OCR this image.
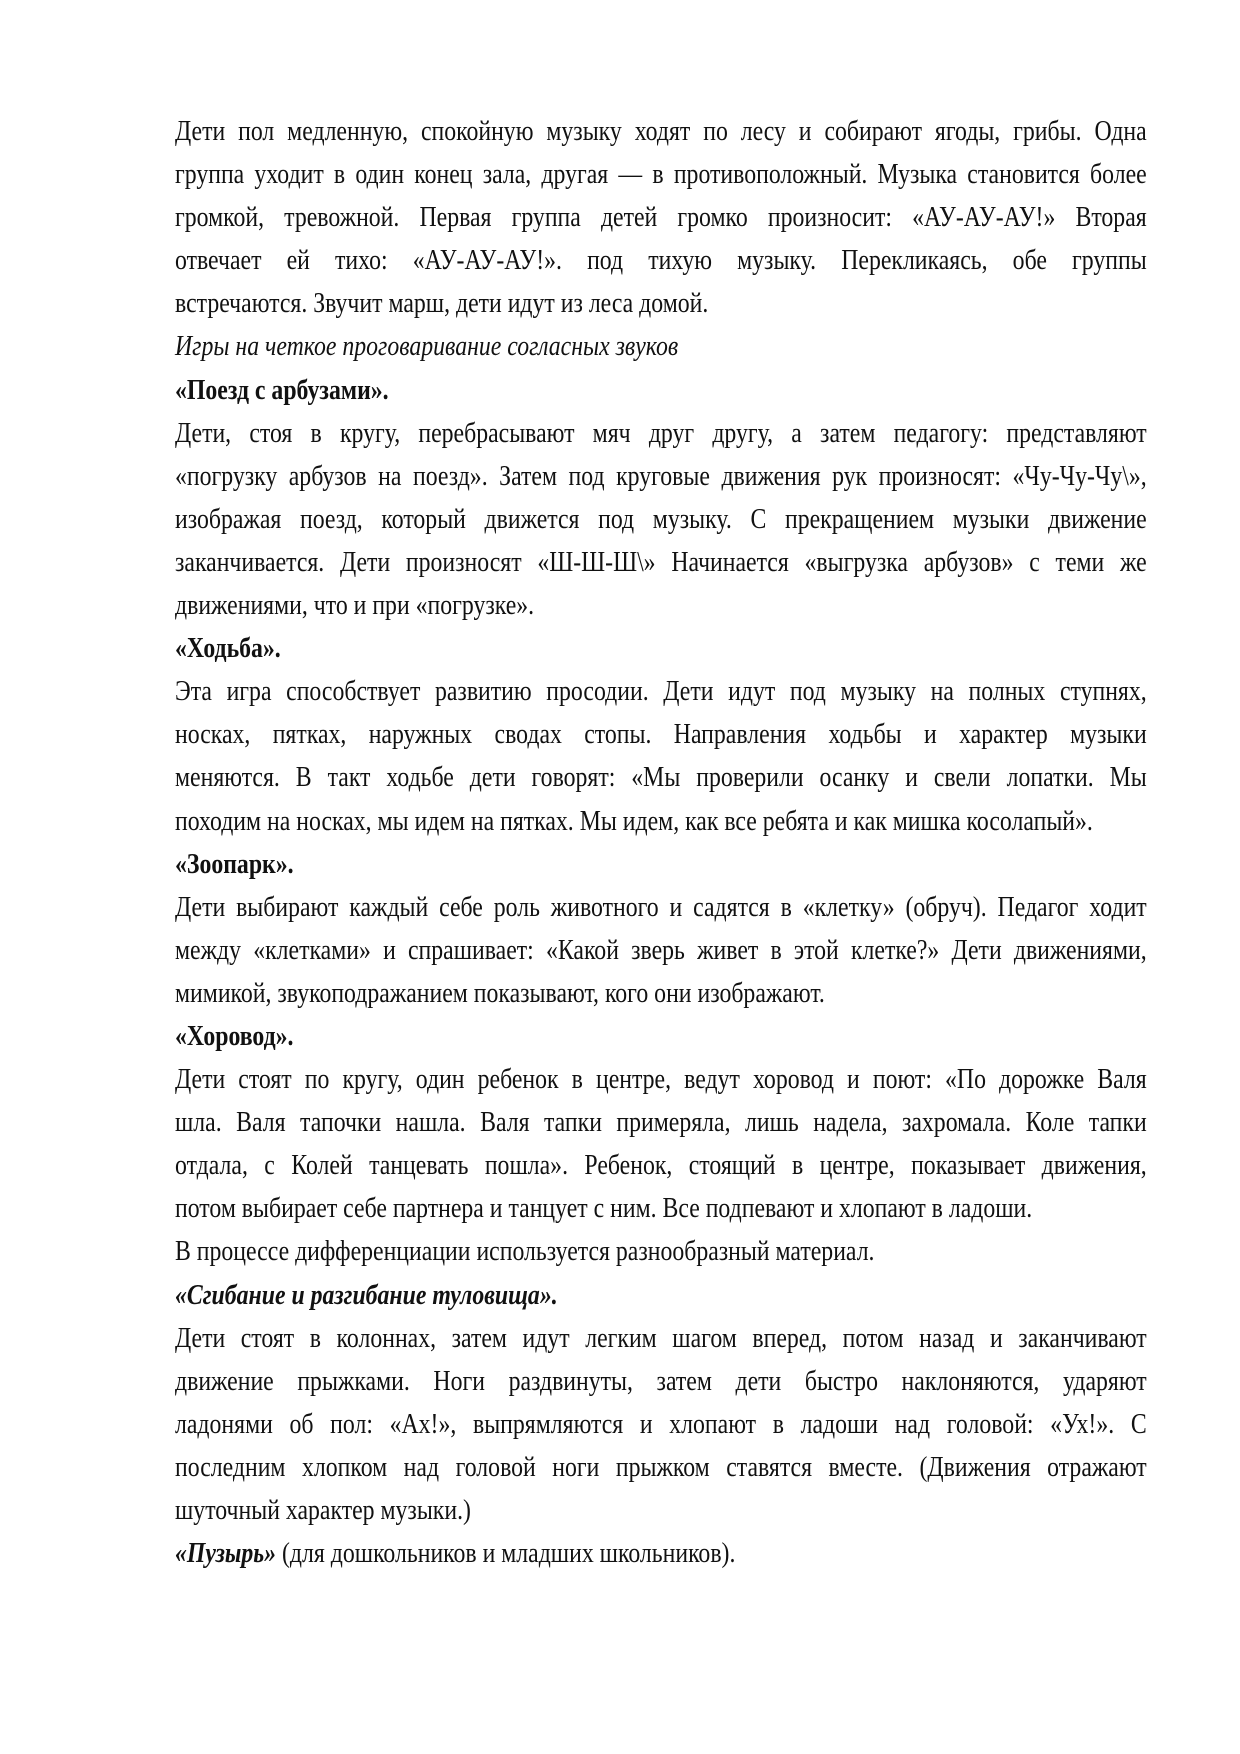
Дети пол медленную, спокойную музыку ходят по лесу и собирают ягоды, грибы. Одна
группа уходит в один конец зала, другая — в противоположный. Музыка становится более
громкой, тревожной. Первая группа детей громко произносит: «АУ-АУ-АУ!» Вторая
отвечает ей тихо: «АУ-АУ-АУ!». под тихую музыку. Перекликаясь, обе группы
встречаются. Звучит марш, дети идут из леса домой.
Игры на четкое проговаривание согласных звуков
«Поезд с арбузами».
Дети, стоя в кругу, перебрасывают мяч друг другу, а затем педагогу: представляют
«погрузку арбузов на поезд». Затем под круговые движения рук произносят: «Чу-Чу-Чу\»,
изображая поезд, который движется под музыку. С прекращением музыки движение
заканчивается. Дети произносят «Ш-Ш-Ш\» Начинается «выгрузка арбузов» с теми же
движениями, что и при «погрузке».
«Ходьба».
Эта игра способствует развитию просодии. Дети идут под музыку на полных ступнях,
носках, пятках, наружных сводах стопы. Направления ходьбы и характер музыки
меняются. В такт ходьбе дети говорят: «Мы проверили осанку и свели лопатки. Мы
походим на носках, мы идем на пятках. Мы идем, как все ребята и как мишка косолапый».
«Зоопарк».
Дети выбирают каждый себе роль животного и садятся в «клетку» (обруч). Педагог ходит
между «клетками» и спрашивает: «Какой зверь живет в этой клетке?» Дети движениями,
мимикой, звукоподражанием показывают, кого они изображают.
«Хоровод».
Дети стоят по кругу, один ребенок в центре, ведут хоровод и поют: «По дорожке Валя
шла. Валя тапочки нашла. Валя тапки примеряла, лишь надела, захромала. Коле тапки
отдала, с Колей танцевать пошла». Ребенок, стоящий в центре, показывает движения,
потом выбирает себе партнера и танцует с ним. Все подпевают и хлопают в ладоши.
В процессе дифференциации используется разнообразный материал.
«Сгибание и разгибание туловища».
Дети стоят в колоннах, затем идут легким шагом вперед, потом назад и заканчивают
движение прыжками. Ноги раздвинуты, затем дети быстро наклоняются, ударяют
ладонями об пол: «Ах!», выпрямляются и хлопают в ладоши над головой: «Ух!». С
последним хлопком над головой ноги прыжком ставятся вместе. (Движения отражают
шуточный характер музыки.)
«Пузырь» (для дошкольников и младших школьников).
